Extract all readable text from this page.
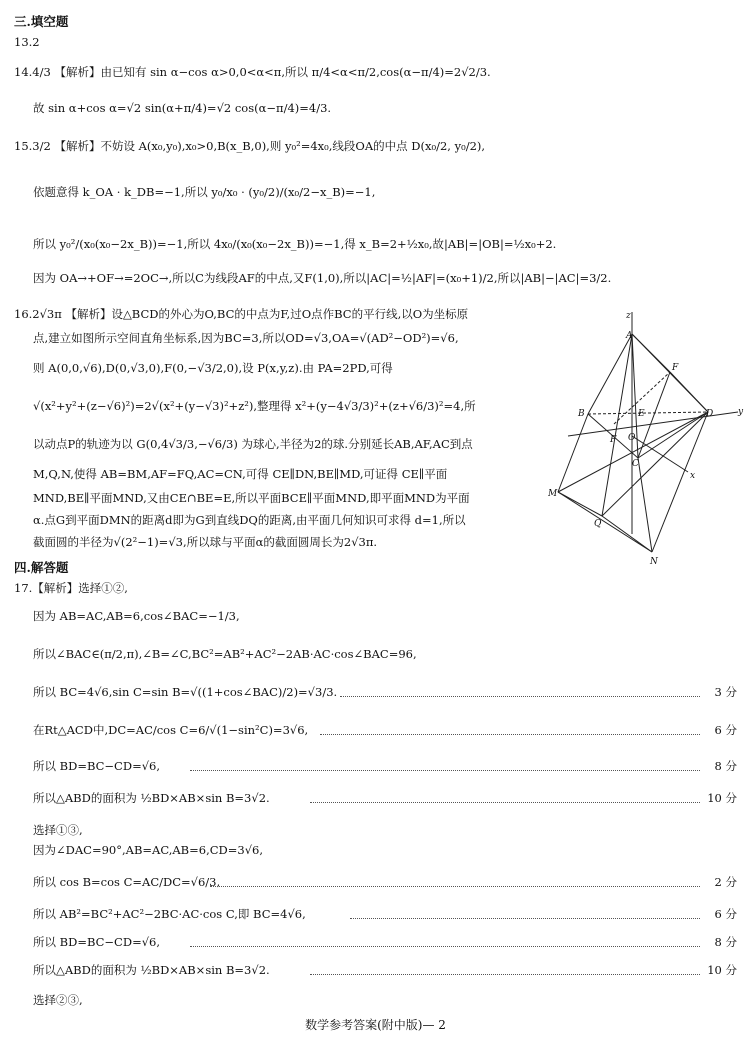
三.填空题
13.2
14.4/3 【解析】由已知有 sin α−cos α>0,0<α<π,所以 π/4<α<π/2,cos(α−π/4)=2√2/3.
故 sin α+cos α=√2 sin(α+π/4)=√2 cos(α−π/4)=4/3.
15.3/2 【解析】不妨设 A(x₀,y₀),x₀>0,B(x_B,0),则 y₀²=4x₀,线段OA的中点 D(x₀/2, y₀/2),
依题意得 k_OA · k_DB=−1,所以 y₀/x₀ · (y₀/2)/(x₀/2−x_B)=−1,
所以 y₀²/(x₀(x₀−2x_B))=−1,所以 4x₀/(x₀(x₀−2x_B))=−1,得 x_B=2+½x₀,故|AB|=|OB|=½x₀+2.
因为 OA→+OF→=2OC→,所以C为线段AF的中点,又F(1,0),所以|AC|=½|AF|=(x₀+1)/2,所以|AB|−|AC|=3/2.
16.2√3π 【解析】设△BCD的外心为O,BC的中点为F,过O点作BC的平行线,以O为坐标原
点,建立如图所示空间直角坐标系,因为BC=3,所以OD=√3,OA=√(AD²−OD²)=√6,
则 A(0,0,√6),D(0,√3,0),F(0,−√3/2,0),设 P(x,y,z).由 PA=2PD,可得
√(x²+y²+(z−√6)²)=2√(x²+(y−√3)²+z²),整理得 x²+(y−4√3/3)²+(z+√6/3)²=4,所
以动点P的轨迹为以 G(0,4√3/3,−√6/3) 为球心,半径为2的球.分别延长AB,AF,AC到点
M,Q,N,使得 AB=BM,AF=FQ,AC=CN,可得 CE∥DN,BE∥MD,可证得 CE∥平面
MND,BE∥平面MND,又由CE∩BE=E,所以平面BCE∥平面MND,即平面MND为平面
α.点G到平面DMN的距离d即为G到直线DQ的距离,由平面几何知识可求得 d=1,所以
截面圆的半径为√(2²−1)=√3,所以球与平面α的截面圆周长为2√3π.
z
A
E
F
B
F O
D	y
C
x
M
Q
N
四.解答题
17.【解析】选择①②,
因为 AB=AC,AB=6,cos∠BAC=−1/3,
所以∠BAC∈(π/2,π),∠B=∠C,BC²=AB²+AC²−2AB·AC·cos∠BAC=96,
所以 BC=4√6,sin C=sin B=√((1+cos∠BAC)/2)=√3/3.	3 分
在Rt△ACD中,DC=AC/cos C=6/√(1−sin²C)=3√6,	6 分
所以 BD=BC−CD=√6,	8 分
所以△ABD的面积为 ½BD×AB×sin B=3√2.	10 分
选择①③,
因为∠DAC=90°,AB=AC,AB=6,CD=3√6,
所以 cos B=cos C=AC/DC=√6/3,	2 分
所以 AB²=BC²+AC²−2BC·AC·cos C,即 BC=4√6,	6 分
所以 BD=BC−CD=√6,	8 分
所以△ABD的面积为 ½BD×AB×sin B=3√2.	10 分
选择②③,
数学参考答案(附中版)— 2
